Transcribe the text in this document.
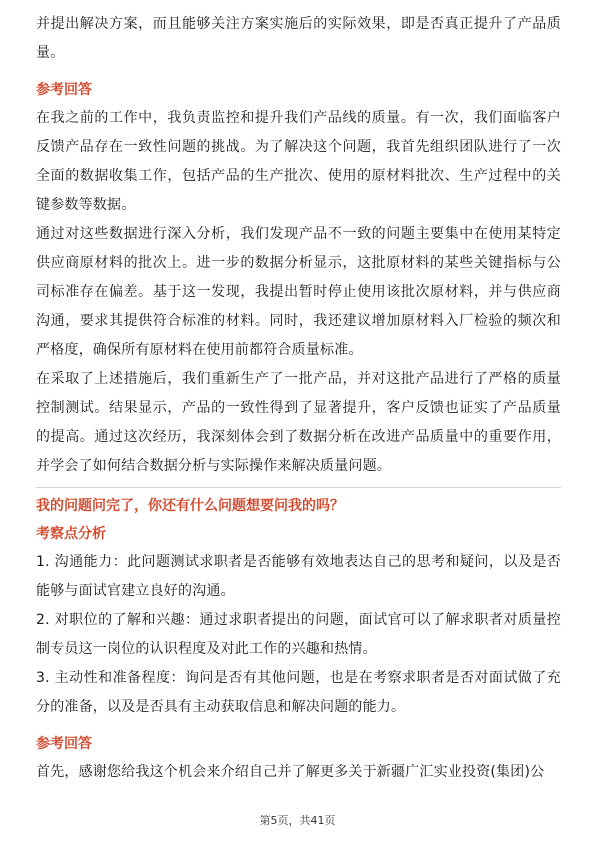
并提出解决方案，而且能够关注方案实施后的实际效果，即是否真正提升了产品质量。

参考回答

在我之前的工作中，我负责监控和提升我们产品线的质量。有一次，我们面临客户反馈产品存在一致性问题的挑战。为了解决这个问题，我首先组织团队进行了一次全面的数据收集工作，包括产品的生产批次、使用的原材料批次、生产过程中的关键参数等数据。

通过对这些数据进行深入分析，我们发现产品不一致的问题主要集中在使用某特定供应商原材料的批次上。进一步的数据分析显示，这批原材料的某些关键指标与公司标准存在偏差。基于这一发现，我提出暂时停止使用该批次原材料，并与供应商沟通，要求其提供符合标准的材料。同时，我还建议增加原材料入厂检验的频次和严格度，确保所有原材料在使用前都符合质量标准。

在采取了上述措施后，我们重新生产了一批产品，并对这批产品进行了严格的质量控制测试。结果显示，产品的一致性得到了显著提升，客户反馈也证实了产品质量的提高。通过这次经历，我深刻体会到了数据分析在改进产品质量中的重要作用，并学会了如何结合数据分析与实际操作来解决质量问题。

我的问题问完了，你还有什么问题想要问我的吗？

考察点分析

1. 沟通能力：此问题测试求职者是否能够有效地表达自己的思考和疑问，以及是否能够与面试官建立良好的沟通。

2. 对职位的了解和兴趣：通过求职者提出的问题，面试官可以了解求职者对质量控制专员这一岗位的认识程度及对此工作的兴趣和热情。

3. 主动性和准备程度：询问是否有其他问题，也是在考察求职者是否对面试做了充分的准备，以及是否具有主动获取信息和解决问题的能力。

参考回答

首先，感谢您给我这个机会来介绍自己并了解更多关于新疆广汇实业投资(集团)公

第5页，共41页
